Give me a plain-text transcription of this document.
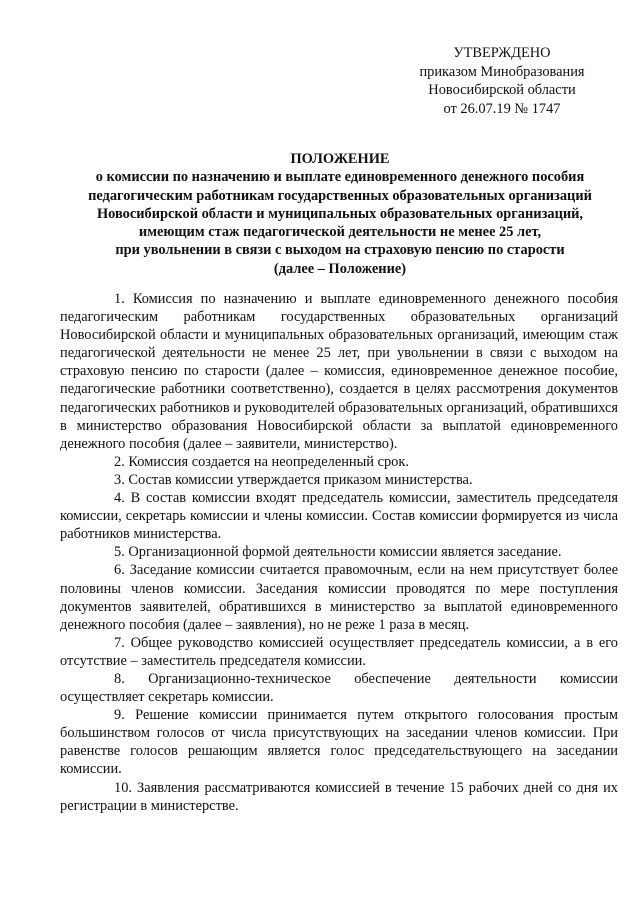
УТВЕРЖДЕНО
приказом Минобразования
Новосибирской области
от 26.07.19 № 1747
ПОЛОЖЕНИЕ
о комиссии по назначению и выплате единовременного денежного пособия
педагогическим работникам государственных образовательных организаций
Новосибирской области и муниципальных образовательных организаций,
имеющим стаж педагогической деятельности не менее 25 лет,
при увольнении в связи с выходом на страховую пенсию по старости
(далее – Положение)

1. Комиссия по назначению и выплате единовременного денежного пособия педагогическим работникам государственных образовательных организаций Новосибирской области и муниципальных образовательных организаций, имеющим стаж педагогической деятельности не менее 25 лет, при увольнении в связи с выходом на страховую пенсию по старости (далее – комиссия, единовременное денежное пособие, педагогические работники соответственно), создается в целях рассмотрения документов педагогических работников и руководителей образовательных организаций, обратившихся в министерство образования Новосибирской области за выплатой единовременного денежного пособия (далее – заявители, министерство).

2. Комиссия создается на неопределенный срок.

3. Состав комиссии утверждается приказом министерства.

4. В состав комиссии входят председатель комиссии, заместитель председателя комиссии, секретарь комиссии и члены комиссии. Состав комиссии формируется из числа работников министерства.

5. Организационной формой деятельности комиссии является заседание.

6. Заседание комиссии считается правомочным, если на нем присутствует более половины членов комиссии. Заседания комиссии проводятся по мере поступления документов заявителей, обратившихся в министерство за выплатой единовременного денежного пособия (далее – заявления), но не реже 1 раза в месяц.

7. Общее руководство комиссией осуществляет председатель комиссии, а в его отсутствие – заместитель председателя комиссии.

8. Организационно-техническое обеспечение деятельности комиссии осуществляет секретарь комиссии.

9. Решение комиссии принимается путем открытого голосования простым большинством голосов от числа присутствующих на заседании членов комиссии. При равенстве голосов решающим является голос председательствующего на заседании комиссии.

10. Заявления рассматриваются комиссией в течение 15 рабочих дней со дня их регистрации в министерстве.
